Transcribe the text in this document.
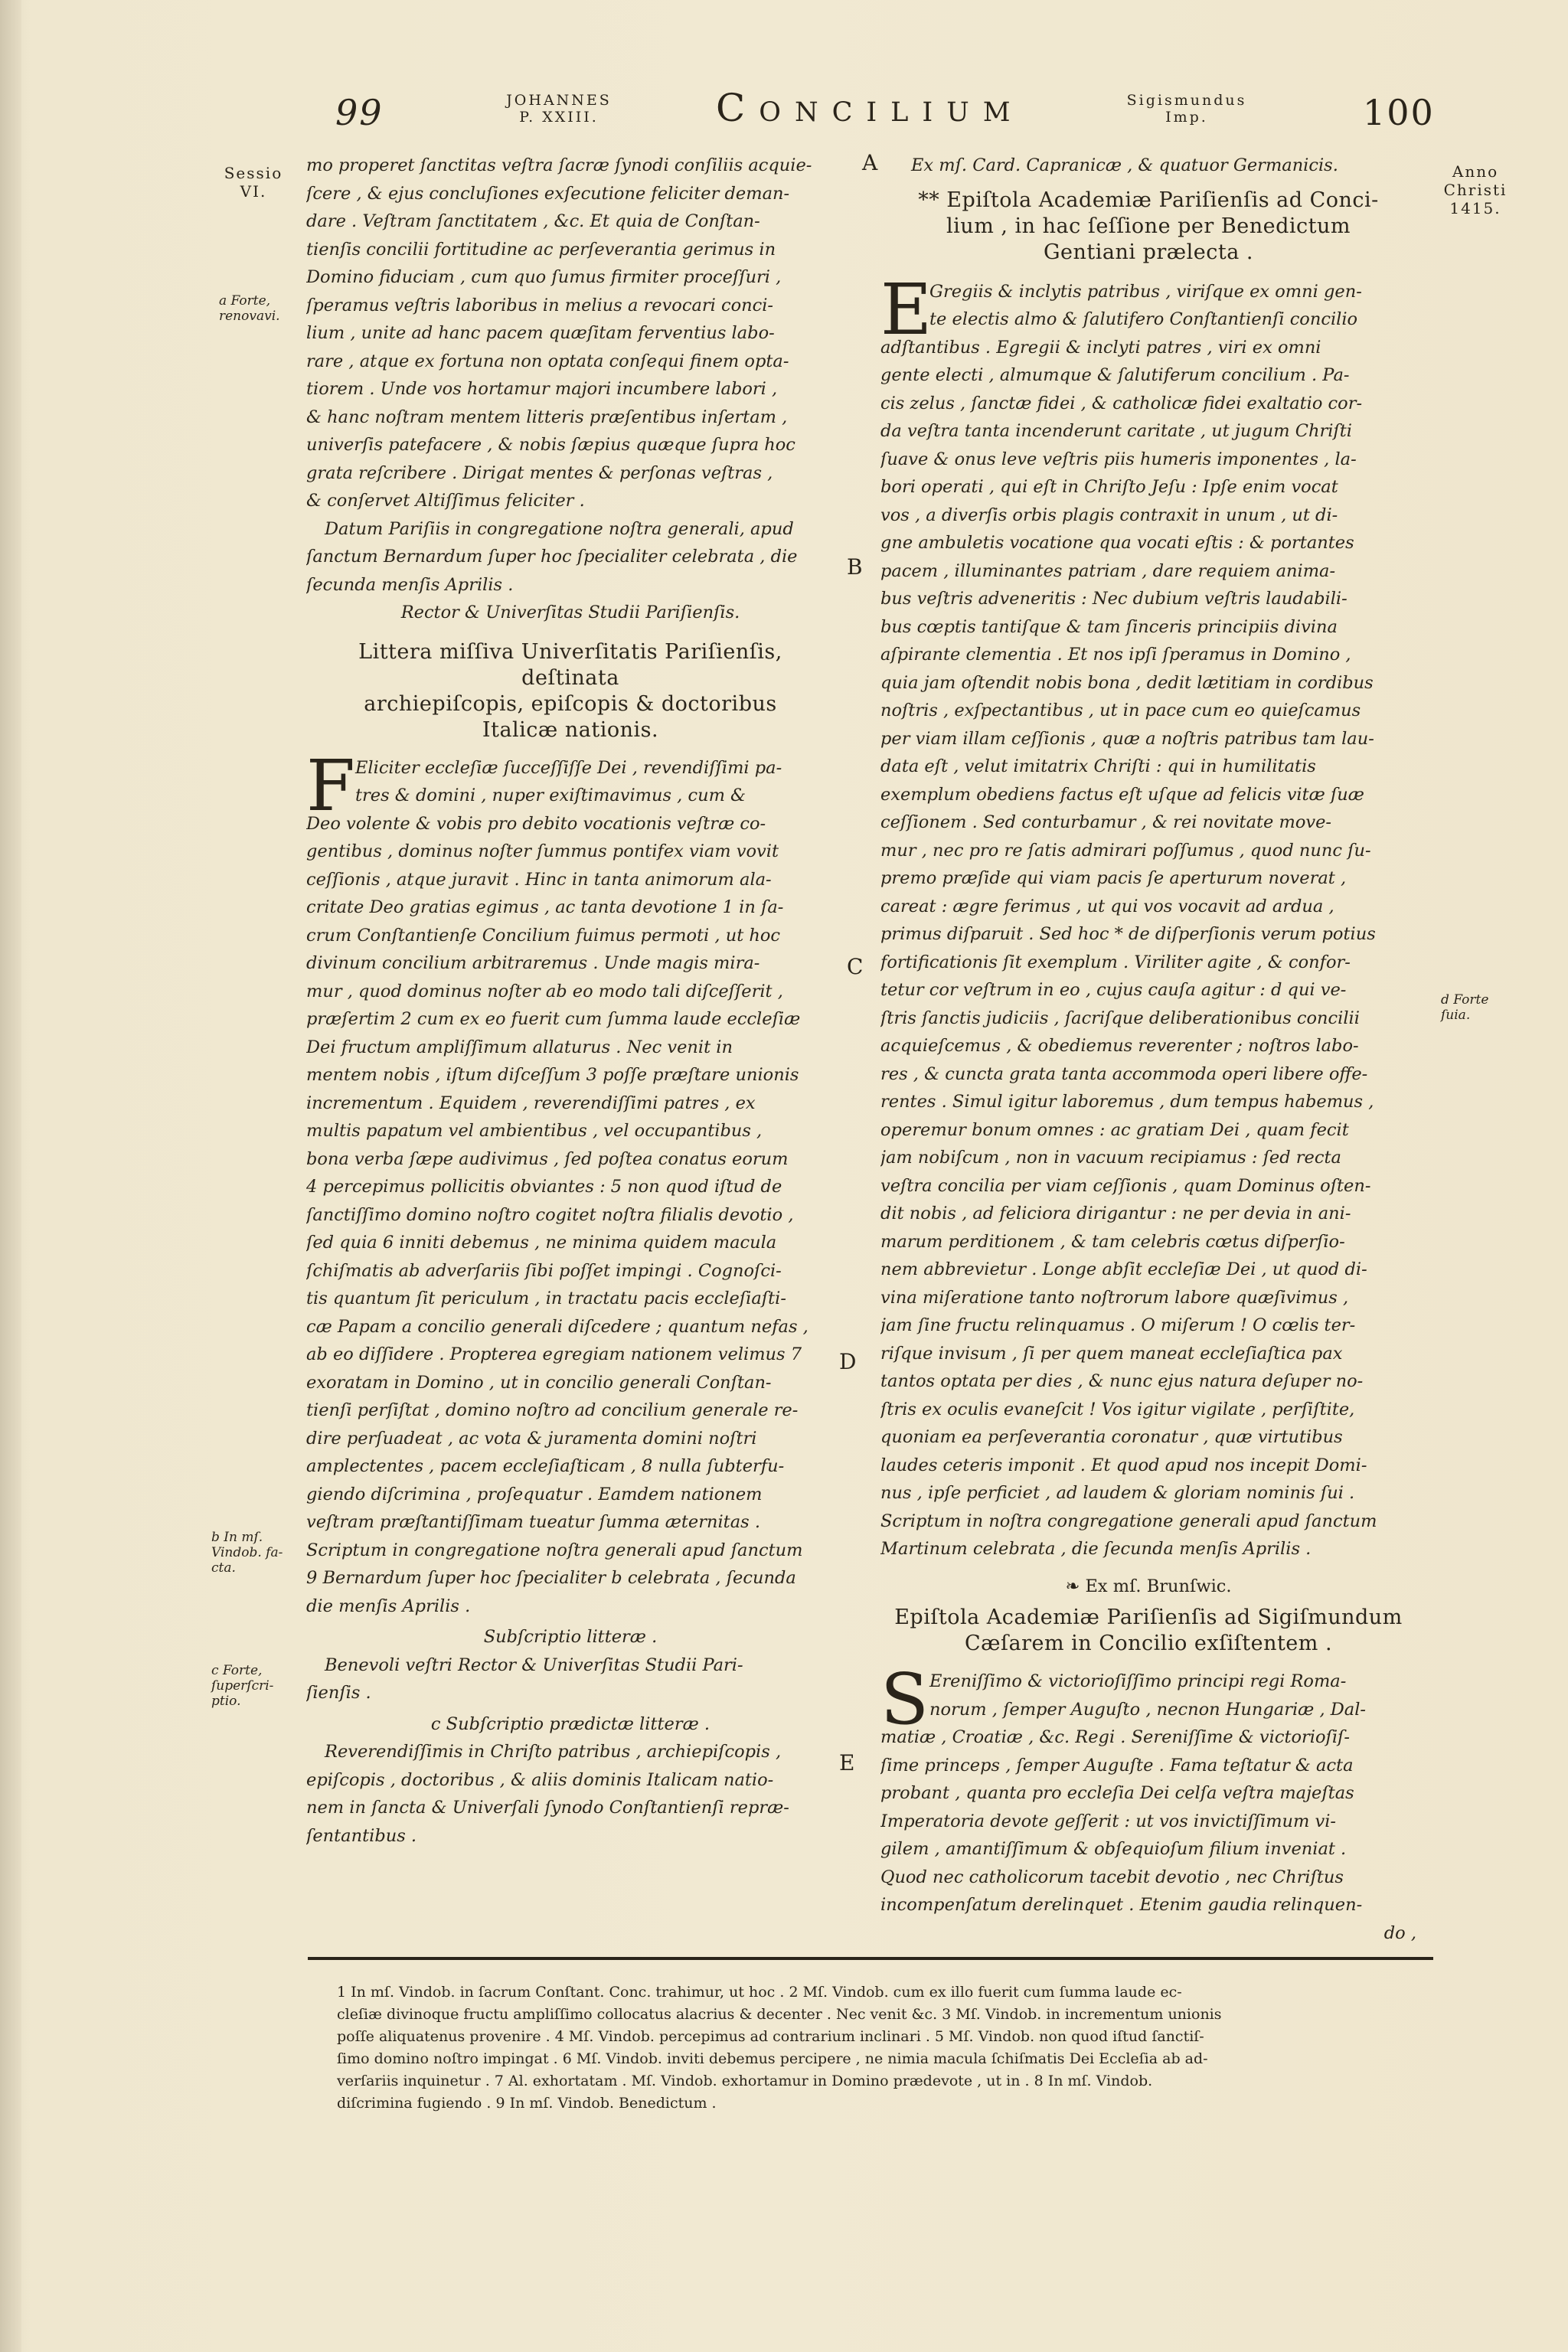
99	JOHANNES
P. XXIII.	Concilium	Sigismundus
Imp.	100
Sessio
VI.
a Forte,
renovavi.
b In mſ.
Vindob. fa-
cta.
c Forte,
ſuperſcri-
ptio.
Anno
Christi
1415.
d Forte
ſuia.
A
B
C
D
E
mo properet ſanctitas veſtra ſacræ ſynodi conſiliis acquie-
ſcere , & ejus concluſiones exſecutione feliciter deman-
dare . Veſtram ſanctitatem , &c. Et quia de Conſtan-
tienſis concilii fortitudine ac perſeverantia gerimus in
Domino fiduciam , cum quo ſumus firmiter proceſſuri ,
ſperamus veſtris laboribus in melius a revocari conci-
lium , unite ad hanc pacem quæſitam ferventius labo-
rare , atque ex fortuna non optata conſequi finem opta-
tiorem . Unde vos hortamur majori incumbere labori ,
& hanc noſtram mentem litteris præſentibus inſertam ,
univerſis patefacere , & nobis ſæpius quæque ſupra hoc
grata reſcribere . Dirigat mentes & perſonas veſtras ,
& conſervet Altiſſimus feliciter .
Datum Pariſiis in congregatione noſtra generali, apud
ſanctum Bernardum ſuper hoc ſpecialiter celebrata , die
ſecunda menſis Aprilis .
Rector & Univerſitas Studii Pariſienſis.
Littera miſſiva Univerſitatis Pariſienſis, deſtinata
archiepiſcopis, epiſcopis & doctoribus
Italicæ nationis.
F Eliciter eccleſiæ ſucceſſiſſe Dei , revendiſſimi pa-
tres & domini , nuper exiſtimavimus , cum &
Deo volente & vobis pro debito vocationis veſtræ co-
gentibus , dominus noſter ſummus pontifex viam vovit
ceſſionis , atque juravit . Hinc in tanta animorum ala-
critate Deo gratias egimus , ac tanta devotione 1 in ſa-
crum Conſtantienſe Concilium fuimus permoti , ut hoc
divinum concilium arbitraremus . Unde magis mira-
mur , quod dominus noſter ab eo modo tali diſceſſerit ,
præſertim 2 cum ex eo fuerit cum ſumma laude eccleſiæ
Dei fructum ampliſſimum allaturus . Nec venit in
mentem nobis , iſtum diſceſſum 3 poſſe præſtare unionis
incrementum . Equidem , reverendiſſimi patres , ex
multis papatum vel ambientibus , vel occupantibus ,
bona verba ſæpe audivimus , ſed poſtea conatus eorum
4 percepimus pollicitis obviantes : 5 non quod iſtud de
ſanctiſſimo domino noſtro cogitet noſtra filialis devotio ,
ſed quia 6 inniti debemus , ne minima quidem macula
ſchiſmatis ab adverſariis ſibi poſſet impingi . Cognoſci-
tis quantum ſit periculum , in tractatu pacis eccleſiaſti-
cæ Papam a concilio generali diſcedere ; quantum nefas ,
ab eo diſſidere . Propterea egregiam nationem velimus 7
exoratam in Domino , ut in concilio generali Conſtan-
tienſi perſiſtat , domino noſtro ad concilium generale re-
dire perſuadeat , ac vota & juramenta domini noſtri
amplectentes , pacem eccleſiaſticam , 8 nulla ſubterfu-
giendo diſcrimina , proſequatur . Eamdem nationem
veſtram præſtantiſſimam tueatur ſumma æternitas .
Scriptum in congregatione noſtra generali apud ſanctum
9 Bernardum ſuper hoc ſpecialiter b celebrata , ſecunda
die menſis Aprilis .
Subſcriptio litteræ .
Benevoli veſtri Rector & Univerſitas Studii Pari-
ſienſis .
c Subſcriptio prædictæ litteræ .
Reverendiſſimis in Chriſto patribus , archiepiſcopis ,
epiſcopis , doctoribus , & aliis dominis Italicam natio-
nem in ſancta & Univerſali ſynodo Conſtantienſi repræ-
ſentantibus .
Ex mſ. Card. Capranicæ , & quatuor Germanicis.
** Epiſtola Academiæ Pariſienſis ad Conci-
lium , in hac ſeſſione per Benedictum
Gentiani prælecta .
E
Gregiis & inclytis patribus , viriſque ex omni gen-
te electis almo & ſalutifero Conſtantienſi concilio
adſtantibus . Egregii & inclyti patres , viri ex omni
gente electi , almumque & ſalutiferum concilium . Pa-
cis zelus , ſanctæ fidei , & catholicæ fidei exaltatio cor-
da veſtra tanta incenderunt caritate , ut jugum Chriſti
ſuave & onus leve veſtris piis humeris imponentes , la-
bori operati , qui eſt in Chriſto Jeſu : Ipſe enim vocat
vos , a diverſis orbis plagis contraxit in unum , ut di-
gne ambuletis vocatione qua vocati eſtis : & portantes
pacem , illuminantes patriam , dare requiem anima-
bus veſtris adveneritis : Nec dubium veſtris laudabili-
bus cœptis tantiſque & tam ſinceris principiis divina
aſpirante clementia . Et nos ipſi ſperamus in Domino ,
quia jam oſtendit nobis bona , dedit lætitiam in cordibus
noſtris , exſpectantibus , ut in pace cum eo quieſcamus
per viam illam ceſſionis , quæ a noſtris patribus tam lau-
data eſt , velut imitatrix Chriſti : qui in humilitatis
exemplum obediens factus eſt uſque ad felicis vitæ ſuæ
ceſſionem . Sed conturbamur , & rei novitate move-
mur , nec pro re ſatis admirari poſſumus , quod nunc ſu-
premo præſide qui viam pacis ſe aperturum noverat ,
careat : ægre ferimus , ut qui vos vocavit ad ardua ,
primus diſparuit . Sed hoc * de diſperſionis verum potius
fortificationis ſit exemplum . Viriliter agite , & confor-
tetur cor veſtrum in eo , cujus cauſa agitur : d qui ve-
ſtris ſanctis judiciis , ſacriſque deliberationibus concilii
acquieſcemus , & obediemus reverenter ; noſtros labo-
res , & cuncta grata tanta accommoda operi libere offe-
rentes . Simul igitur laboremus , dum tempus habemus ,
operemur bonum omnes : ac gratiam Dei , quam fecit
jam nobiſcum , non in vacuum recipiamus : ſed recta
veſtra concilia per viam ceſſionis , quam Dominus oſten-
dit nobis , ad feliciora dirigantur : ne per devia in ani-
marum perditionem , & tam celebris cœtus diſperſio-
nem abbrevietur . Longe abſit eccleſiæ Dei , ut quod di-
vina miſeratione tanto noſtrorum labore quæſivimus ,
jam ſine fructu relinquamus . O miſerum ! O cœlis ter-
riſque invisum , ſi per quem maneat eccleſiaſtica pax
tantos optata per dies , & nunc ejus natura deſuper no-
ſtris ex oculis evaneſcit ! Vos igitur vigilate , perſiſtite,
quoniam ea perſeverantia coronatur , quæ virtutibus
laudes ceteris imponit . Et quod apud nos incepit Domi-
nus , ipſe perficiet , ad laudem & gloriam nominis ſui .
Scriptum in noſtra congregatione generali apud ſanctum
Martinum celebrata , die ſecunda menſis Aprilis .
❧ Ex mſ. Brunſwic.
Epiſtola Academiæ Pariſienſis ad Sigiſmundum
Cæſarem in Concilio exſiſtentem .
S Ereniſſimo & victorioſiſſimo principi regi Roma-
norum , ſemper Auguſto , necnon Hungariæ , Dal-
matiæ , Croatiæ , &c. Regi . Sereniſſime & victorioſiſ-
ſime princeps , ſemper Auguſte . Fama teſtatur & acta
probant , quanta pro eccleſia Dei celſa veſtra majeſtas
Imperatoria devote geſſerit : ut vos invictiſſimum vi-
gilem , amantiſſimum & obſequioſum filium inveniat .
Quod nec catholicorum tacebit devotio , nec Chriſtus
incompenſatum derelinquet . Etenim gaudia relinquen-
do ,
1 In mſ. Vindob. in ſacrum Conſtant. Conc. trahimur, ut hoc . 2 Mſ. Vindob. cum ex illo fuerit cum ſumma laude ec-
cleſiæ divinoque fructu ampliſſimo collocatus alacrius & decenter . Nec venit &c. 3 Mſ. Vindob. in incrementum unionis
poſſe aliquatenus provenire . 4 Mſ. Vindob. percepimus ad contrarium inclinari . 5 Mſ. Vindob. non quod iſtud ſanctiſ-
ſimo domino noſtro impingat . 6 Mſ. Vindob. inviti debemus percipere , ne nimia macula ſchiſmatis Dei Eccleſia ab ad-
verſariis inquinetur . 7 Al. exhortatam . Mſ. Vindob. exhortamur in Domino prædevote , ut in . 8 In mſ. Vindob.
diſcrimina fugiendo . 9 In mſ. Vindob. Benedictum .
